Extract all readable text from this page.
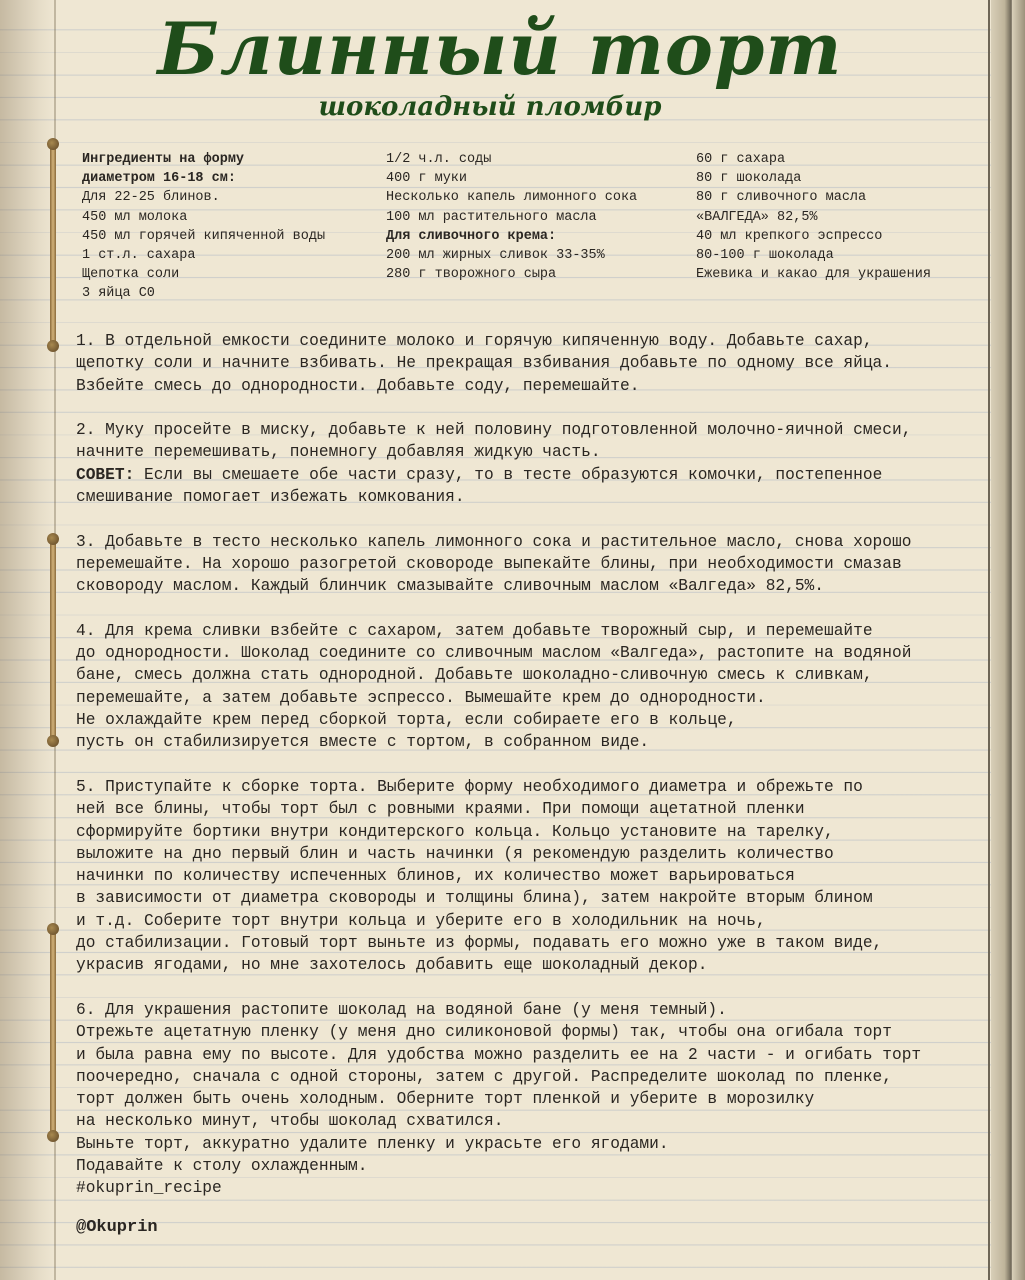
Блинный торт
шоколадный пломбир
Ингредиенты на форму
диаметром 16-18 см:
Для 22-25 блинов.
450 мл молока
450 мл горячей кипяченной воды
1 ст.л. сахара
Щепотка соли
3 яйца С0
1/2 ч.л. соды
400 г муки
Несколько капель лимонного сока
100 мл растительного масла
Для сливочного крема:
200 мл жирных сливок 33-35%
280 г творожного сыра
60 г сахара
80 г шоколада
80 г сливочного масла
«ВАЛГЕДА» 82,5%
40 мл крепкого эспрессо
80-100 г шоколада
Ежевика и какао для украшения

1. В отдельной емкости соедините молоко и горячую кипяченную воду. Добавьте сахар,
щепотку соли и начните взбивать. Не прекращая взбивания добавьте по одному все яйца.
Взбейте смесь до однородности. Добавьте соду, перемешайте.

2. Муку просейте в миску, добавьте к ней половину подготовленной молочно-яичной смеси,
начните перемешивать, понемногу добавляя жидкую часть.
СОВЕТ: Если вы смешаете обе части сразу, то в тесте образуются комочки, постепенное
смешивание помогает избежать комкования.

3. Добавьте в тесто несколько капель лимонного сока и растительное масло, снова хорошо
перемешайте. На хорошо разогретой сковороде выпекайте блины, при необходимости смазав
сковороду маслом. Каждый блинчик смазывайте сливочным маслом «Валгеда» 82,5%.

4. Для крема сливки взбейте с сахаром, затем добавьте творожный сыр, и перемешайте
до однородности. Шоколад соедините со сливочным маслом «Валгеда», растопите на водяной
бане, смесь должна стать однородной. Добавьте шоколадно-сливочную смесь к сливкам,
перемешайте, а затем добавьте эспрессо. Вымешайте крем до однородности.
Не охлаждайте крем перед сборкой торта, если собираете его в кольце,
пусть он стабилизируется вместе с тортом, в собранном виде.

5. Приступайте к сборке торта. Выберите форму необходимого диаметра и обрежьте по
ней все блины, чтобы торт был с ровными краями. При помощи ацетатной пленки
сформируйте бортики внутри кондитерского кольца. Кольцо установите на тарелку,
выложите на дно первый блин и часть начинки (я рекомендую разделить количество
начинки по количеству испеченных блинов, их количество может варьироваться
в зависимости от диаметра сковороды и толщины блина), затем накройте вторым блином
и т.д. Соберите торт внутри кольца и уберите его в холодильник на ночь,
до стабилизации. Готовый торт выньте из формы, подавать его можно уже в таком виде,
украсив ягодами, но мне захотелось добавить еще шоколадный декор.

6. Для украшения растопите шоколад на водяной бане (у меня темный).
Отрежьте ацетатную пленку (у меня дно силиконовой формы) так, чтобы она огибала торт
и была равна ему по высоте. Для удобства можно разделить ее на 2 части - и огибать торт
поочередно, сначала с одной стороны, затем с другой. Распределите шоколад по пленке,
торт должен быть очень холодным. Оберните торт пленкой и уберите в морозилку
на несколько минут, чтобы шоколад схватился.
Выньте торт, аккуратно удалите пленку и украсьте его ягодами.
Подавайте к столу охлажденным.
#okuprin_recipe

@Okuprin
